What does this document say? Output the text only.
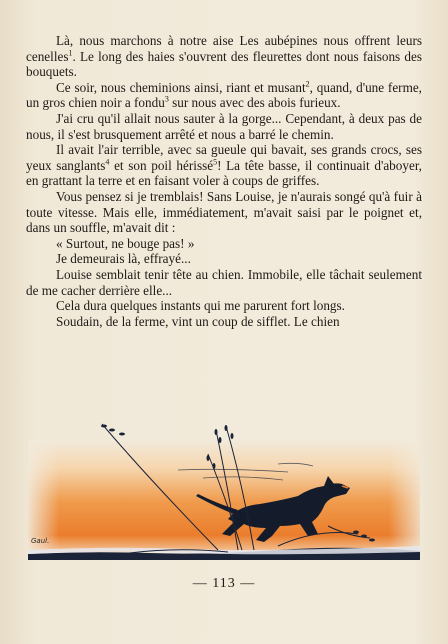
Là, nous marchons à notre aise Les aubépines nous offrent leurs cenelles$^1$. Le long des haies s'ouvrent des fleurettes dont nous faisons des bouquets.

Ce soir, nous cheminions ainsi, riant et musant$^2$, quand, d'une ferme, un gros chien noir a fondu$^3$ sur nous avec des abois furieux.

J'ai cru qu'il allait nous sauter à la gorge... Cependant, à deux pas de nous, il s'est brusquement arrêté et nous a barré le chemin.

Il avait l'air terrible, avec sa gueule qui bavait, ses grands crocs, ses yeux sanglants$^4$ et son poil hérissé$^5$! La tête basse, il continuait d'aboyer, en grattant la terre et en faisant voler à coups de griffes.

Vous pensez si je tremblais! Sans Louise, je n'aurais songé qu'à fuir à toute vitesse. Mais elle, immédiatement, m'avait saisi par le poignet et, dans un souffle, m'avait dit :

« Surtout, ne bouge pas! »

Je demeurais là, effrayé...

Louise semblait tenir tête au chien. Immobile, elle tâchait seulement de me cacher derrière elle...

Cela dura quelques instants qui me parurent fort longs.

Soudain, de la ferme, vint un coup de sifflet. Le chien

Gaul.
— 113 —
